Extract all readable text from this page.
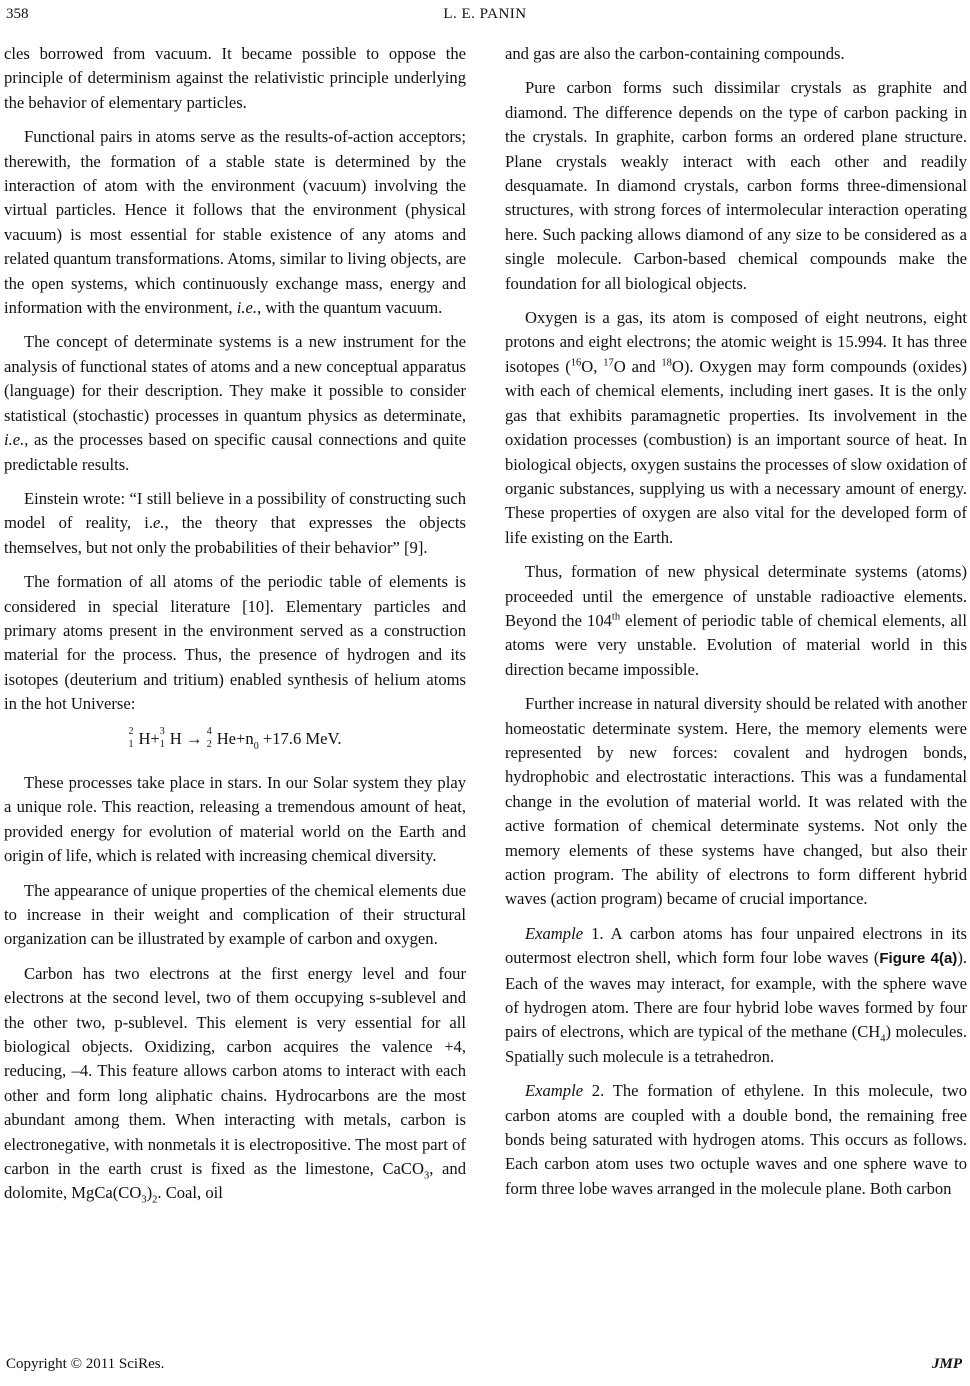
358	L. E. PANIN

cles borrowed from vacuum. It became possible to oppose the principle of determinism against the relativistic principle underlying the behavior of elementary particles.

Functional pairs in atoms serve as the results-of-action acceptors; therewith, the formation of a stable state is determined by the interaction of atom with the environment (vacuum) involving the virtual particles. Hence it follows that the environment (physical vacuum) is most essential for stable existence of any atoms and related quantum transformations. Atoms, similar to living objects, are the open systems, which continuously exchange mass, energy and information with the environment, i.e., with the quantum vacuum.

The concept of determinate systems is a new instrument for the analysis of functional states of atoms and a new conceptual apparatus (language) for their description. They make it possible to consider statistical (stochastic) processes in quantum physics as determinate, i.e., as the processes based on specific causal connections and quite predictable results.

Einstein wrote: “I still believe in a possibility of constructing such model of reality, i.e., the theory that expresses the objects themselves, but not only the probabilities of their behavior” [9].

The formation of all atoms of the periodic table of elements is considered in special literature [10]. Elementary particles and primary atoms present in the environment served as a construction material for the process. Thus, the presence of hydrogen and its isotopes (deuterium and tritium) enabled synthesis of helium atoms in the hot Universe:

2
1 H+ 3
1 H → 4
2 $He+n_0 +17.6$ MeV.

These processes take place in stars. In our Solar system they play a unique role. This reaction, releasing a tremendous amount of heat, provided energy for evolution of material world on the Earth and origin of life, which is related with increasing chemical diversity.

The appearance of unique properties of the chemical elements due to increase in their weight and complication of their structural organization can be illustrated by example of carbon and oxygen.

Carbon has two electrons at the first energy level and four electrons at the second level, two of them occupying s-sublevel and the other two, p-sublevel. This element is very essential for all biological objects. Oxidizing, carbon acquires the valence +4, reducing, –4. This feature allows carbon atoms to interact with each other and form long aliphatic chains. Hydrocarbons are the most abundant among them. When interacting with metals, carbon is electronegative, with nonmetals it is electropositive. The most part of carbon in the earth crust is fixed as the limestone, CaCO$_3$, and dolomite, $MgCa(CO_3)_2$. Coal, oil

and gas are also the carbon-containing compounds.

Pure carbon forms such dissimilar crystals as graphite and diamond. The difference depends on the type of carbon packing in the crystals. In graphite, carbon forms an ordered plane structure. Plane crystals weakly interact with each other and readily desquamate. In diamond crystals, carbon forms three-dimensional structures, with strong forces of intermolecular interaction operating here. Such packing allows diamond of any size to be considered as a single molecule. Carbon-based chemical compounds make the foundation for all biological objects.

Oxygen is a gas, its atom is composed of eight neutrons, eight protons and eight electrons; the atomic weight is 15.994. It has three isotopes ($^{16}$O, $^{17}$O and $^{18}$O). Oxygen may form compounds (oxides) with each of chemical elements, including inert gases. It is the only gas that exhibits paramagnetic properties. Its involvement in the oxidation processes (combustion) is an important source of heat. In biological objects, oxygen sustains the processes of slow oxidation of organic substances, supplying us with a necessary amount of energy. These properties of oxygen are also vital for the developed form of life existing on the Earth.

Thus, formation of new physical determinate systems (atoms) proceeded until the emergence of unstable radioactive elements. Beyond the 104th element of periodic table of chemical elements, all atoms were very unstable. Evolution of material world in this direction became impossible.

Further increase in natural diversity should be related with another homeostatic determinate system. Here, the memory elements were represented by new forces: covalent and hydrogen bonds, hydrophobic and electrostatic interactions. This was a fundamental change in the evolution of material world. It was related with the active formation of chemical determinate systems. Not only the memory elements of these systems have changed, but also their action program. The ability of electrons to form different hybrid waves (action program) became of crucial importance.

Example 1. A carbon atoms has four unpaired electrons in its outermost electron shell, which form four lobe waves (Figure 4(a)). Each of the waves may interact, for example, with the sphere wave of hydrogen atom. There are four hybrid lobe waves formed by four pairs of electrons, which are typical of the methane $(CH_4)$ molecules. Spatially such molecule is a tetrahedron.

Example 2. The formation of ethylene. In this molecule, two carbon atoms are coupled with a double bond, the remaining free bonds being saturated with hydrogen atoms. This occurs as follows. Each carbon atom uses two octuple waves and one sphere wave to form three lobe waves arranged in the molecule plane. Both carbon

Copyright © 2011 SciRes.	JMP
